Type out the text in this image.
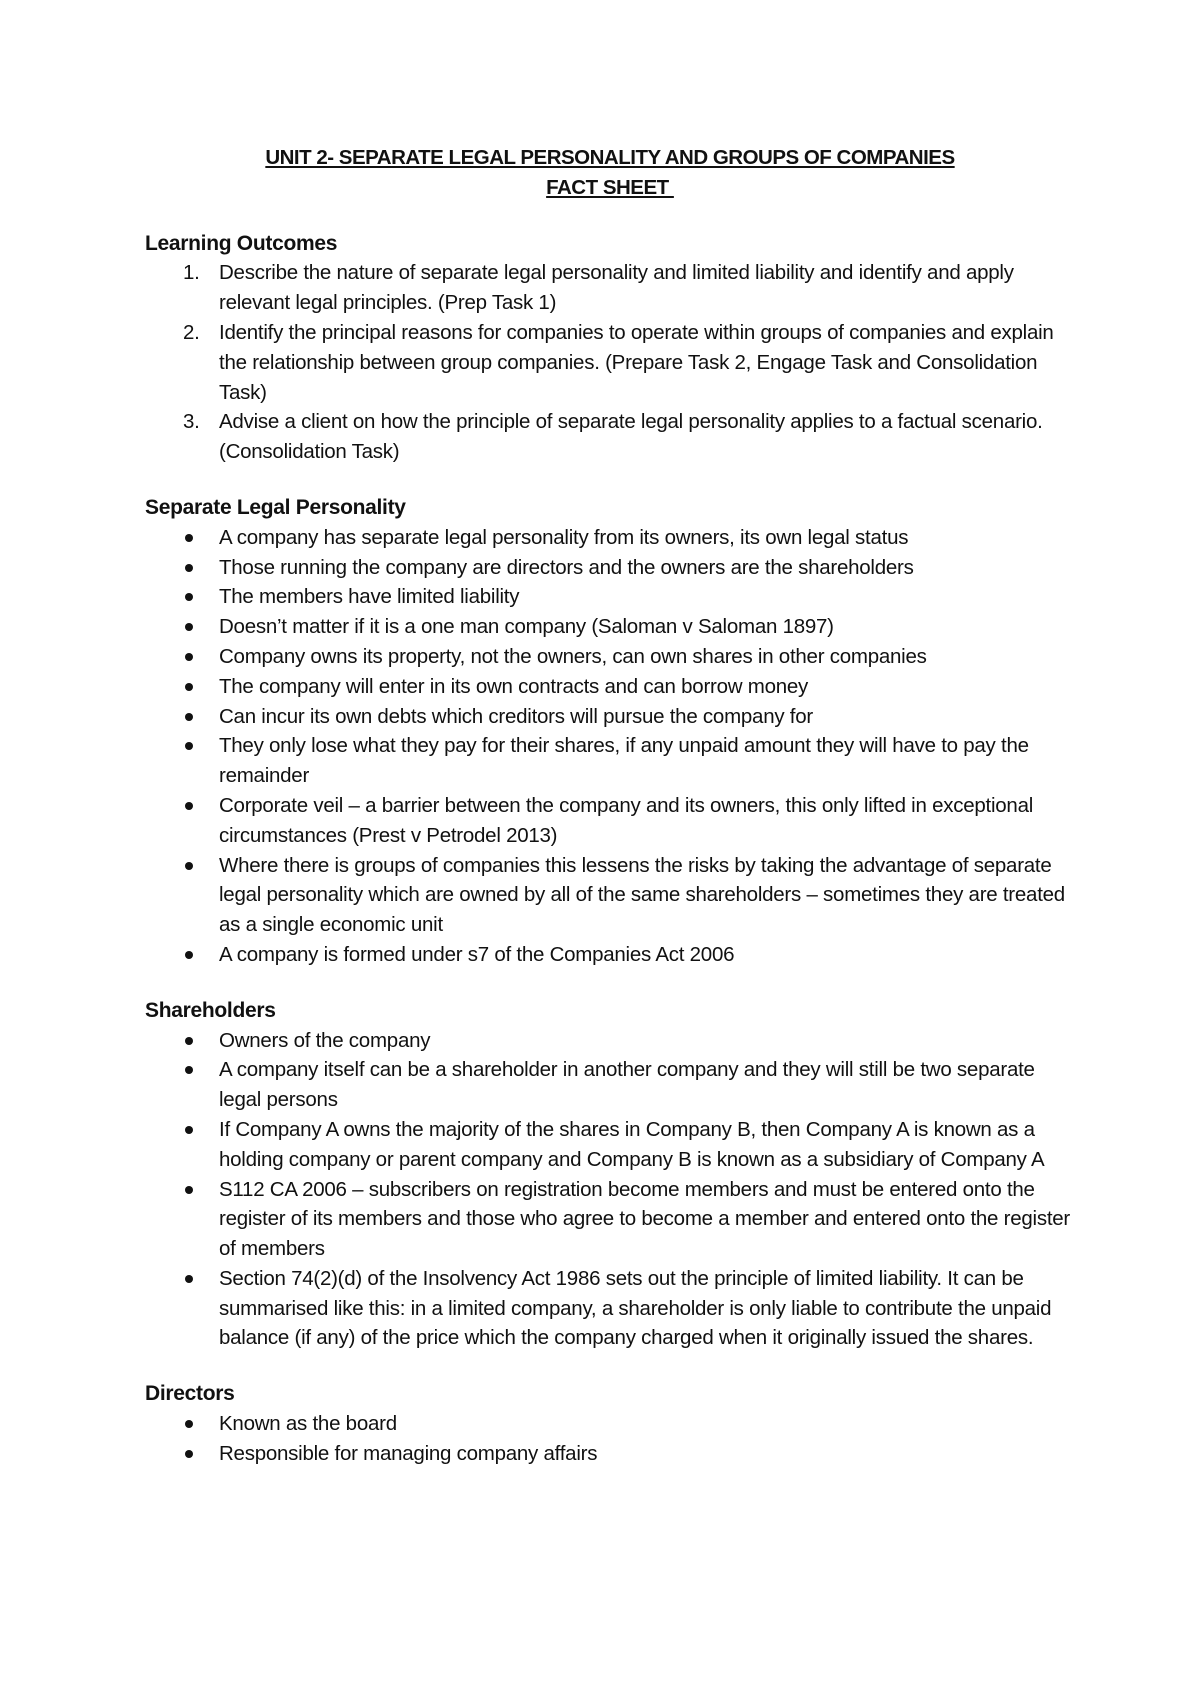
UNIT 2- SEPARATE LEGAL PERSONALITY AND GROUPS OF COMPANIES
FACT SHEET
Learning Outcomes
1. Describe the nature of separate legal personality and limited liability and identify and apply relevant legal principles. (Prep Task 1)
2. Identify the principal reasons for companies to operate within groups of companies and explain the relationship between group companies. (Prepare Task 2, Engage Task and Consolidation Task)
3. Advise a client on how the principle of separate legal personality applies to a factual scenario. (Consolidation Task)
Separate Legal Personality
A company has separate legal personality from its owners, its own legal status
Those running the company are directors and the owners are the shareholders
The members have limited liability
Doesn’t matter if it is a one man company (Saloman v Saloman 1897)
Company owns its property, not the owners, can own shares in other companies
The company will enter in its own contracts and can borrow money
Can incur its own debts which creditors will pursue the company for
They only lose what they pay for their shares, if any unpaid amount they will have to pay the remainder
Corporate veil – a barrier between the company and its owners, this only lifted in exceptional circumstances (Prest v Petrodel 2013)
Where there is groups of companies this lessens the risks by taking the advantage of separate legal personality which are owned by all of the same shareholders – sometimes they are treated as a single economic unit
A company is formed under s7 of the Companies Act 2006
Shareholders
Owners of the company
A company itself can be a shareholder in another company and they will still be two separate legal persons
If Company A owns the majority of the shares in Company B, then Company A is known as a holding company or parent company and Company B is known as a subsidiary of Company A
S112 CA 2006 – subscribers on registration become members and must be entered onto the register of its members and those who agree to become a member and entered onto the register of members
Section 74(2)(d) of the Insolvency Act 1986 sets out the principle of limited liability. It can be summarised like this: in a limited company, a shareholder is only liable to contribute the unpaid balance (if any) of the price which the company charged when it originally issued the shares.
Directors
Known as the board
Responsible for managing company affairs
